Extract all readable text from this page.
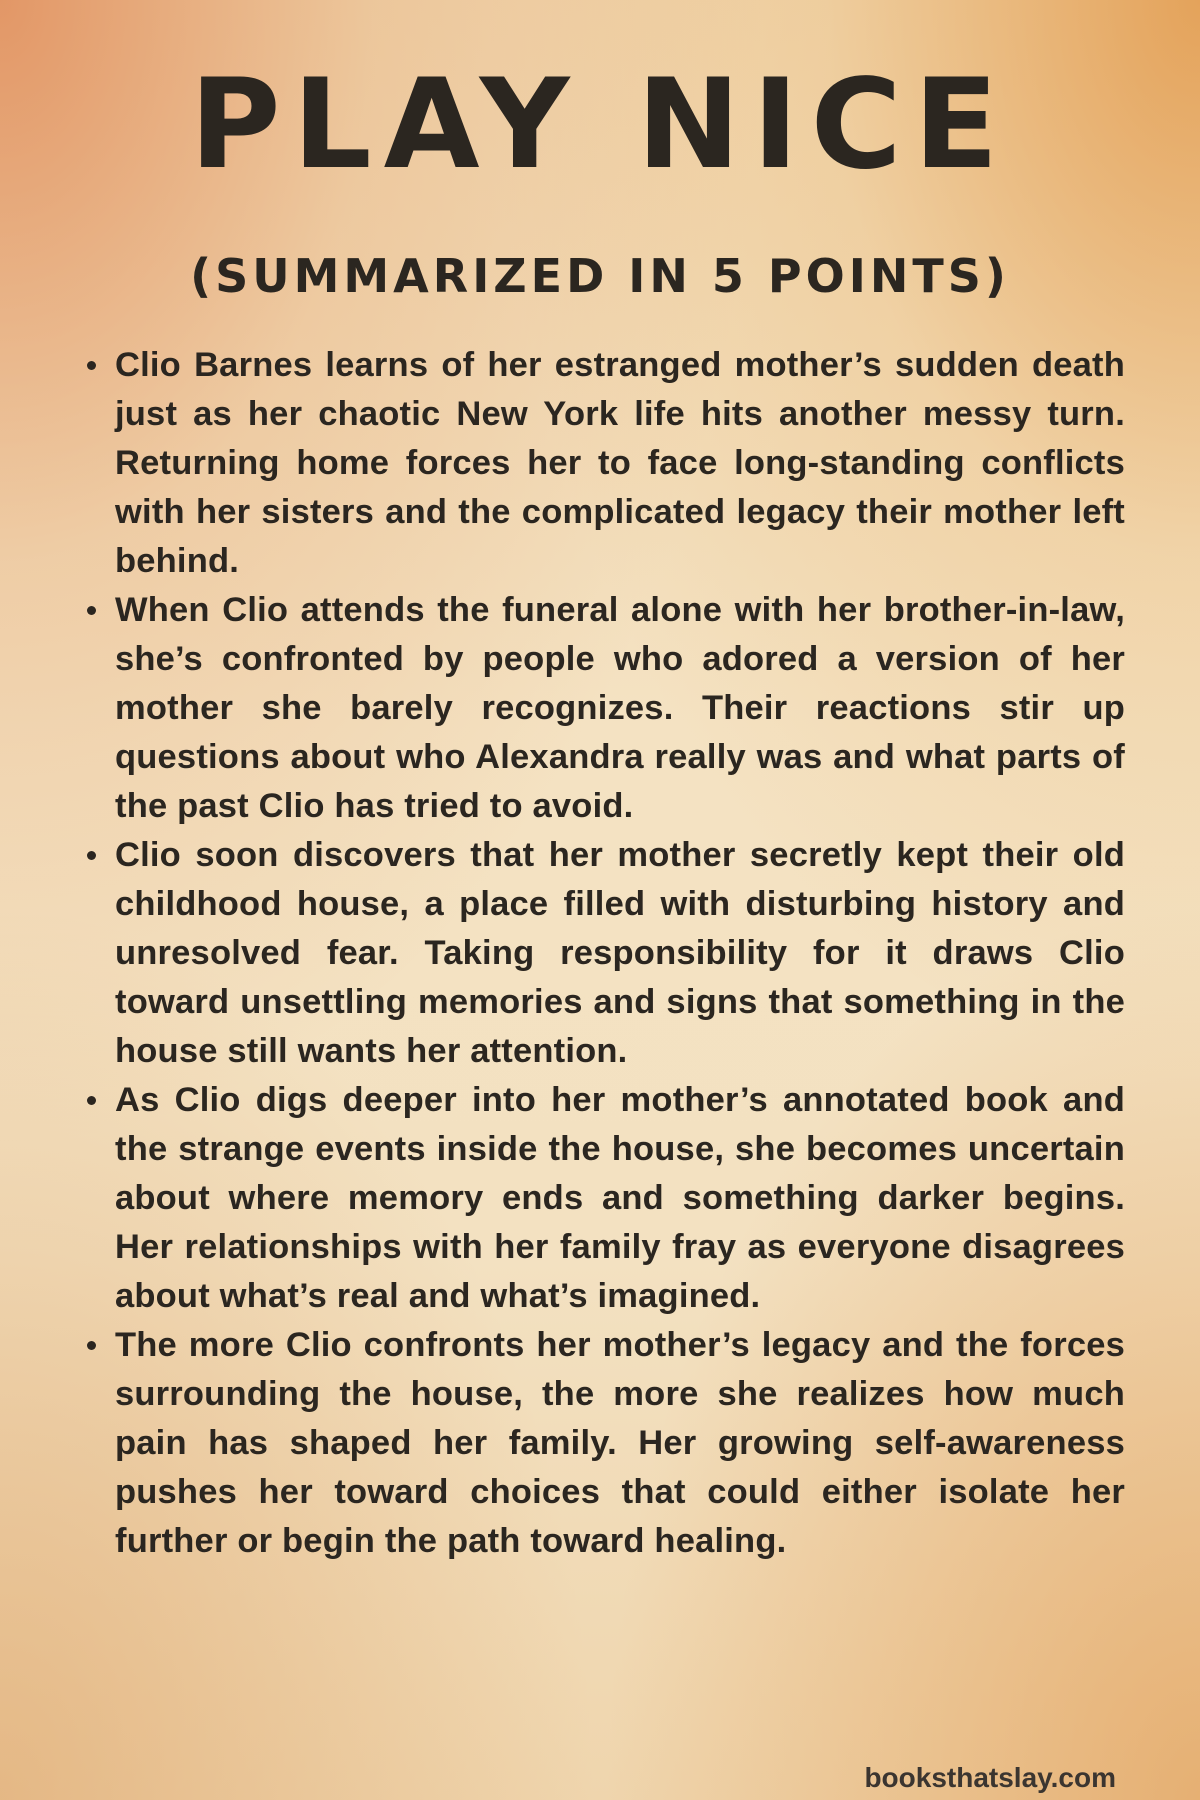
PLAY NICE
(SUMMARIZED IN 5 POINTS)
Clio Barnes learns of her estranged mother’s sudden death just as her chaotic New York life hits another messy turn. Returning home forces her to face long-standing conflicts with her sisters and the complicated legacy their mother left behind.
When Clio attends the funeral alone with her brother-in-law, she’s confronted by people who adored a version of her mother she barely recognizes. Their reactions stir up questions about who Alexandra really was and what parts of the past Clio has tried to avoid.
Clio soon discovers that her mother secretly kept their old childhood house, a place filled with disturbing history and unresolved fear. Taking responsibility for it draws Clio toward unsettling memories and signs that something in the house still wants her attention.
As Clio digs deeper into her mother’s annotated book and the strange events inside the house, she becomes uncertain about where memory ends and something darker begins. Her relationships with her family fray as everyone disagrees about what’s real and what’s imagined.
The more Clio confronts her mother’s legacy and the forces surrounding the house, the more she realizes how much pain has shaped her family. Her growing self-awareness pushes her toward choices that could either isolate her further or begin the path toward healing.
booksthatslay.com
